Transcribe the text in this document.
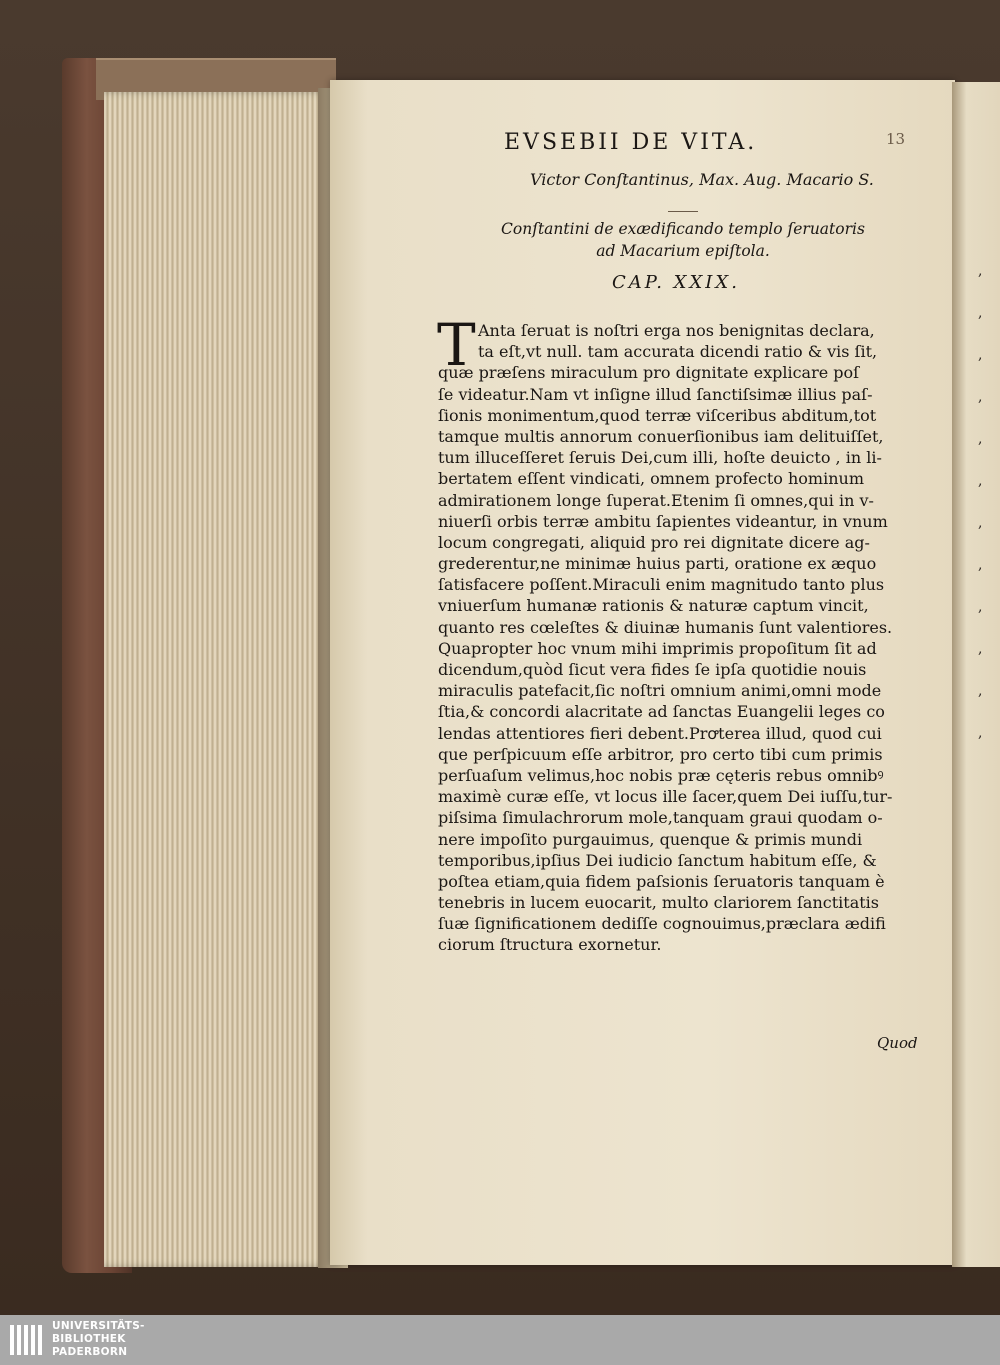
,
,
,
,
,
,
,
,
,
,
,
,
EVSEBII DE VITA.	13
Victor Conſtantinus, Max. Aug. Macario S.
Conſtantini de exædificando templo ſeruatoris
ad Macarium epiſtola.
CAP. XXIX.
T Anta ſeruat is noſtri erga nos benignitas declara,
ta eſt,vt null. tam accurata dicendi ratio & vis ſit,
quæ præſens miraculum pro dignitate explicare poſ
ſe videatur.Nam vt inſigne illud ſanctiſsimæ illius paſ-
ſionis monimentum,quod terræ viſceribus abditum,tot
tamque multis annorum conuerſionibus iam delituiſſet,
tum illuceſſeret ſeruis Dei,cum illi, hoſte deuicto , in li-
bertatem eſſent vindicati, omnem profecto hominum
admirationem longe ſuperat.Etenim ſi omnes,qui in v-
niuerſi orbis terræ ambitu ſapientes videantur, in vnum
locum congregati, aliquid pro rei dignitate dicere ag-
grederentur,ne minimæ huius parti, oratione ex æquo
ſatisfacere poſſent.Miraculi enim magnitudo tanto plus
vniuerſum humanæ rationis & naturæ captum vincit,
quanto res cœleſtes & diuinæ humanis ſunt valentiores.
Quapropter hoc vnum mihi imprimis propoſitum ſit ad
dicendum,quòd ſicut vera fides ſe ipſa quotidie nouis
miraculis patefacit,ſic noſtri omnium animi,omni mode
ſtia,& concordi alacritate ad ſanctas Euangelii leges co
lendas attentiores fieri debent.Prꝍterea illud, quod cui
que perſpicuum eſſe arbitror, pro certo tibi cum primis
perſuaſum velimus,hoc nobis præ cęteris rebus omnibꝰ
maximè curæ eſſe, vt locus ille ſacer,quem Dei iuſſu,tur-
piſsima ſimulachrorum mole,tanquam graui quodam o-
nere impoſito purgauimus, quenque & primis mundi
temporibus,ipſius Dei iudicio ſanctum habitum eſſe, &
poſtea etiam,quia fidem paſsionis ſeruatoris tanquam è
tenebris in lucem euocarit, multo clariorem ſanctitatis
ſuæ ſignificationem dediſſe cognouimus,præclara ædifi
ciorum ſtructura exornetur.
Quod
UNIVERSITÄTS-
BIBLIOTHEK
PADERBORN
